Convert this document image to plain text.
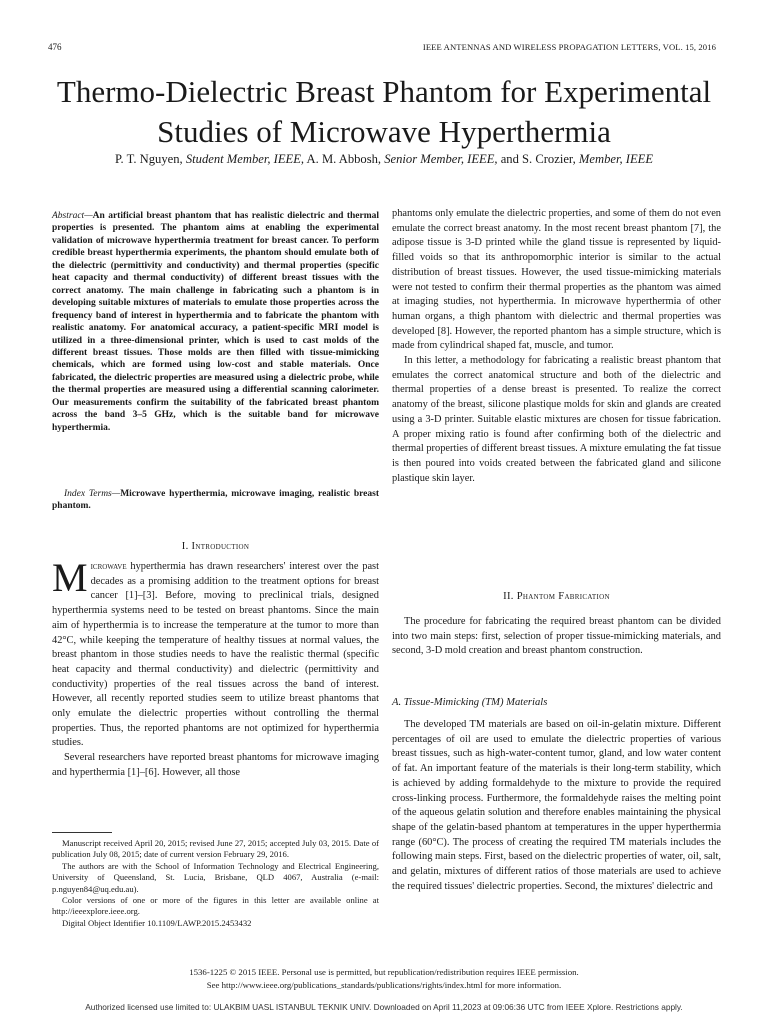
476	IEEE ANTENNAS AND WIRELESS PROPAGATION LETTERS, VOL. 15, 2016
Thermo-Dielectric Breast Phantom for Experimental
Studies of Microwave Hyperthermia
P. T. Nguyen, Student Member, IEEE, A. M. Abbosh, Senior Member, IEEE, and S. Crozier, Member, IEEE
Abstract—An artificial breast phantom that has realistic dielectric and thermal properties is presented. The phantom aims at enabling the experimental validation of microwave hyperthermia treatment for breast cancer. To perform credible breast hyperthermia experiments, the phantom should emulate both of the dielectric (permittivity and conductivity) and thermal properties (specific heat capacity and thermal conductivity) of different breast tissues with the correct anatomy. The main challenge in fabricating such a phantom is in developing suitable mixtures of materials to emulate those properties across the frequency band of interest in hyperthermia and to fabricate the phantom with realistic anatomy. For anatomical accuracy, a patient-specific MRI model is utilized in a three-dimensional printer, which is used to cast molds of the different breast tissues. Those molds are then filled with tissue-mimicking chemicals, which are formed using low-cost and stable materials. Once fabricated, the dielectric properties are measured using a dielectric probe, while the thermal properties are measured using a differential scanning calorimeter. Our measurements confirm the suitability of the fabricated breast phantom across the band 3–5 GHz, which is the suitable band for microwave hyperthermia.
Index Terms—Microwave hyperthermia, microwave imaging, realistic breast phantom.
I. Introduction

Microwave hyperthermia has drawn researchers' interest over the past decades as a promising addition to the treatment options for breast cancer [1]–[3]. Before, moving to preclinical trials, designed hyperthermia systems need to be tested on breast phantoms. Since the main aim of hyperthermia is to increase the temperature at the tumor to more than 42°C, while keeping the temperature of healthy tissues at normal values, the breast phantom in those studies needs to have the realistic thermal (specific heat capacity and thermal conductivity) and dielectric (permittivity and conductivity) properties of the real tissues across the band of interest. However, all recently reported studies seem to utilize breast phantoms that only emulate the dielectric properties without controlling the thermal properties. Thus, the reported phantoms are not optimized for hyperthermia studies.

Several researchers have reported breast phantoms for microwave imaging and hyperthermia [1]–[6]. However, all those

Manuscript received April 20, 2015; revised June 27, 2015; accepted July 03, 2015. Date of publication July 08, 2015; date of current version February 29, 2016.

The authors are with the School of Information Technology and Electrical Engineering, University of Queensland, St. Lucia, Brisbane, QLD 4067, Australia (e-mail: p.nguyen84@uq.edu.au).

Color versions of one or more of the figures in this letter are available online at http://ieeexplore.ieee.org.

Digital Object Identifier 10.1109/LAWP.2015.2453432

phantoms only emulate the dielectric properties, and some of them do not even emulate the correct breast anatomy. In the most recent breast phantom [7], the adipose tissue is 3-D printed while the gland tissue is represented by liquid-filled voids so that its anthropomorphic interior is similar to the actual distribution of breast tissues. However, the used tissue-mimicking materials were not tested to confirm their thermal properties as the phantom was aimed at imaging studies, not hyperthermia. In microwave hyperthermia of other human organs, a thigh phantom with dielectric and thermal properties was developed [8]. However, the reported phantom has a simple structure, which is made from cylindrical shaped fat, muscle, and tumor.

In this letter, a methodology for fabricating a realistic breast phantom that emulates the correct anatomical structure and both of the dielectric and thermal properties of a dense breast is presented. To realize the correct anatomy of the breast, silicone plastique molds for skin and glands are created using a 3-D printer. Suitable elastic mixtures are chosen for tissue fabrication. A proper mixing ratio is found after confirming both of the dielectric and thermal properties of different breast tissues. A mixture emulating the fat tissue is then poured into voids created between the fabricated gland and silicone plastique skin layer.

II. Phantom Fabrication

The procedure for fabricating the required breast phantom can be divided into two main steps: first, selection of proper tissue-mimicking materials, and second, 3-D mold creation and breast phantom construction.

A. Tissue-Mimicking (TM) Materials

The developed TM materials are based on oil-in-gelatin mixture. Different percentages of oil are used to emulate the dielectric properties of various breast tissues, such as high-water-content tumor, gland, and low water content of fat. An important feature of the materials is their long-term stability, which is achieved by adding formaldehyde to the mixture to provide the required cross-linking process. Furthermore, the formaldehyde raises the melting point of the aqueous gelatin solution and therefore enables maintaining the physical shape of the gelatin-based phantom at temperatures in the upper hyperthermia range (60°C). The process of creating the required TM materials includes the following main steps. First, based on the dielectric properties of water, oil, salt, and gelatin, mixtures of different ratios of those materials are used to achieve the required tissues' dielectric properties. Second, the mixtures' dielectric and

1536-1225 © 2015 IEEE. Personal use is permitted, but republication/redistribution requires IEEE permission.
See http://www.ieee.org/publications_standards/publications/rights/index.html for more information.
Authorized licensed use limited to: ULAKBIM UASL ISTANBUL TEKNIK UNIV. Downloaded on April 11,2023 at 09:06:36 UTC from IEEE Xplore. Restrictions apply.
